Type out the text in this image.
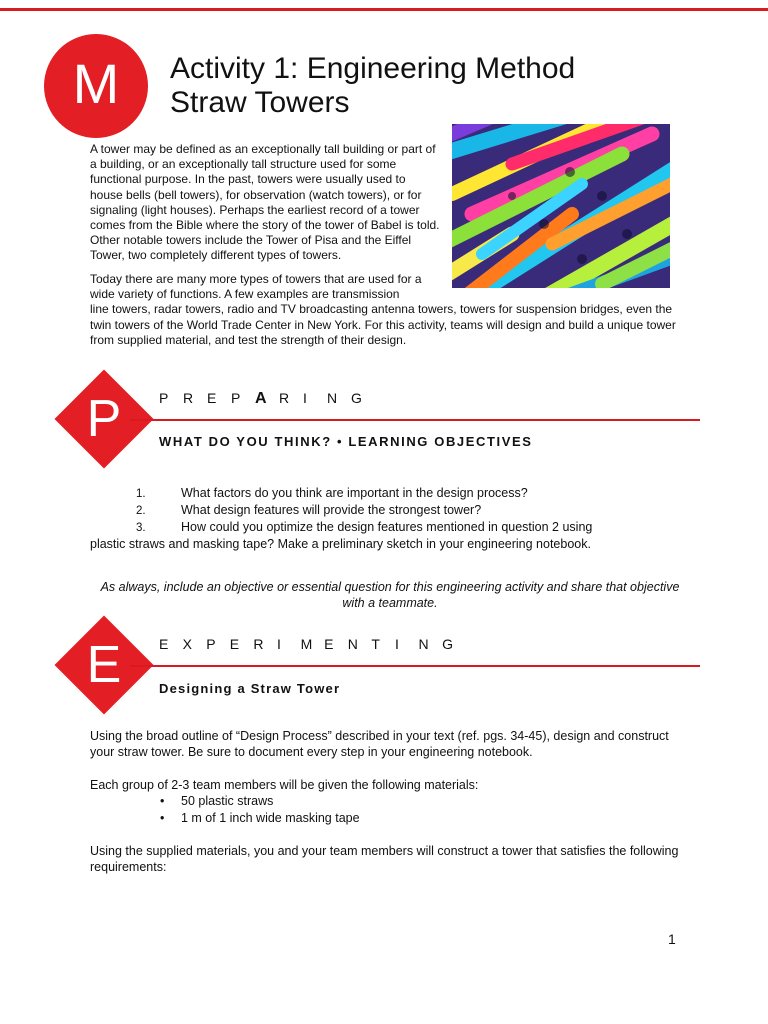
M Activity 1: Engineering Method
Straw Towers

A tower may be defined as an exceptionally tall building or part of a building, or an exceptionally tall structure used for some functional purpose. In the past, towers were usually used to house bells (bell towers), for observation (watch towers), or for signaling (light houses). Perhaps the earliest record of a tower comes from the Bible where the story of the tower of Babel is told. Other notable towers include the Tower of Pisa and the Eiffel Tower, two completely different types of towers.

Today there are many more types of towers that are used for a
wide variety of functions. A few examples are transmission
line towers, radar towers, radio and TV broadcasting antenna towers, towers for suspension bridges, even the twin towers of the World Trade Center in New York. For this activity, teams will design and build a unique tower from supplied material, and test the strength of their design.

P	P R E P A R I N G
WHAT DO YOU THINK? • LEARNING OBJECTIVES
1.	What factors do you think are important in the design process?
2.	What design features will provide the strongest tower?
3.	How could you optimize the design features mentioned in question 2 using
plastic straws and masking tape? Make a preliminary sketch in your engineering notebook.
As always, include an objective or essential question for this engineering activity and share that objective with a teammate.
E	E X P E R I M E N T I N G
Designing a Straw Tower

Using the broad outline of “Design Process” described in your text (ref. pgs. 34-45), design and construct your straw tower. Be sure to document every step in your engineering notebook.

Each group of 2-3 team members will be given the following materials:

•	50 plastic straws
•	1 m of 1 inch wide masking tape

Using the supplied materials, you and your team members will construct a tower that satisfies the following requirements:

1
